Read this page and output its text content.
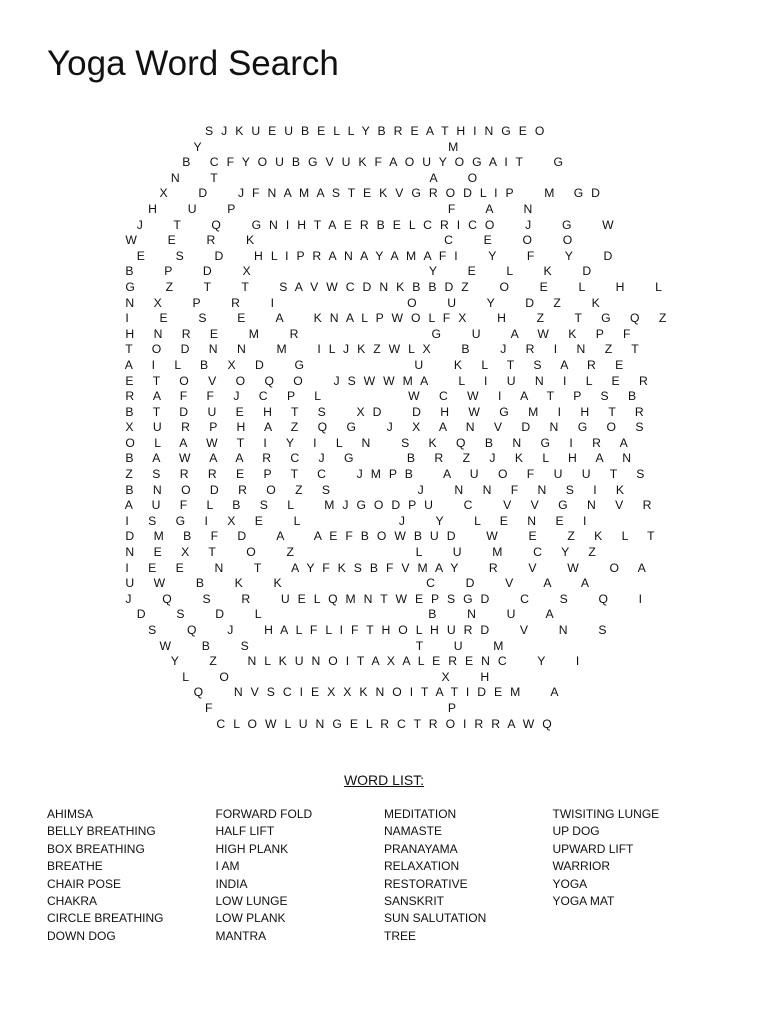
Yoga Word Search
S J K U E U B E L L Y B R E A T H I N G E O
Y                                           M
B   C F Y O U B G V U K F A O U Y O G A I T     G
N     T                                     A     O
X     D     J F N A M A S T E K V G R O D L I P     M   G D
H     U     P                                     F     A     N
J     T     Q     G N I H T A E R B E L C R I C O     J     G     W
W     E     R     K                                 C     E     O     O
E     S     D     H L I P R A N A Y A M A F I     Y     F     Y     D
B     P     D     X                               Y     E     L     K     D
G     Z     T     T     S A V W C D N K B B D Z     O     E     L     H     L
N   X     P     R     I                       O     U     Y     D   Z     K
I     E     S     E     A     K N A L P W O L F X     H     Z     T   G   Q   Z
H   N   R   E     M     R                       G     U     A   W   K   P   F
T   O   D   N   N     M     I L J K Z W L X     B     J   R   I   N   Z   T
A   I   L   B   X   D     G                   U     K   L   T   S   A   R   E
E   T   O   V   O   Q   O     J S W W M A     L   I   U   N   I   L   E   R
R   A   F   F   J   C   P   L               W   C   W   I   A   T   P   S   B
B   T   D   U   E   H   T   S     X D     D   H   W   G   M   I   H   T   R
X   U   R   P   H   A   Z   Q   G     J   X   A   N   V   D   N   G   O   S
O   L   A   W   T   I   Y   I   L   N     S   K   Q   B   N   G   I   R   A
B   A   W   A   A   R   C   J   G         B   R   Z   J   K   L   H   A   N
Z   S   R   R   E   P   T   C     J M P B     A   U   O   F   U   U   T   S
B   N   O   D   R   O   Z   S               J     N   N   F   N   S   I   K
A   U   F   L   B   S   L     M J G O D P U     C     V   V   G   N   V   R
I   S   G   I   X   E     L                 J     Y     L   E   N   E   I
D   M   B   F   D     A     A E F B O W B U D     W     E     Z   K   L   T
N   E   X   T     O     Z                     L     U     M     C   Y   Z
I   E   E     N     T     A Y F K S B F V M A Y     R     V     W     O   A
U   W     B     K     K                         C     D     V     A     A
J     Q     S     R     U E L Q M N T W E P S G D     C     S     Q     I
D     S     D     L                             B     N     U     A
S     Q     J     H A L F L I F T H O L H U R D     V     N     S
W     B     S                             T     U     M
Y     Z     N L K U N O I T A X A L E R E N C     Y     I
L     O                                     X     H
Q     N V S C I E X X K N O I T A T I D E M     A
F                                         P
C L O W L U N G E L R C T R O I R R A W Q
WORD LIST:
AHIMSA
BELLY BREATHING
BOX BREATHING
BREATHE
CHAIR POSE
CHAKRA
CIRCLE BREATHING
DOWN DOG
FORWARD FOLD
HALF LIFT
HIGH PLANK
I AM
INDIA
LOW LUNGE
LOW PLANK
MANTRA
MEDITATION
NAMASTE
PRANAYAMA
RELAXATION
RESTORATIVE
SANSKRIT
SUN SALUTATION
TREE
TWISITING LUNGE
UP DOG
UPWARD LIFT
WARRIOR
YOGA
YOGA MAT
